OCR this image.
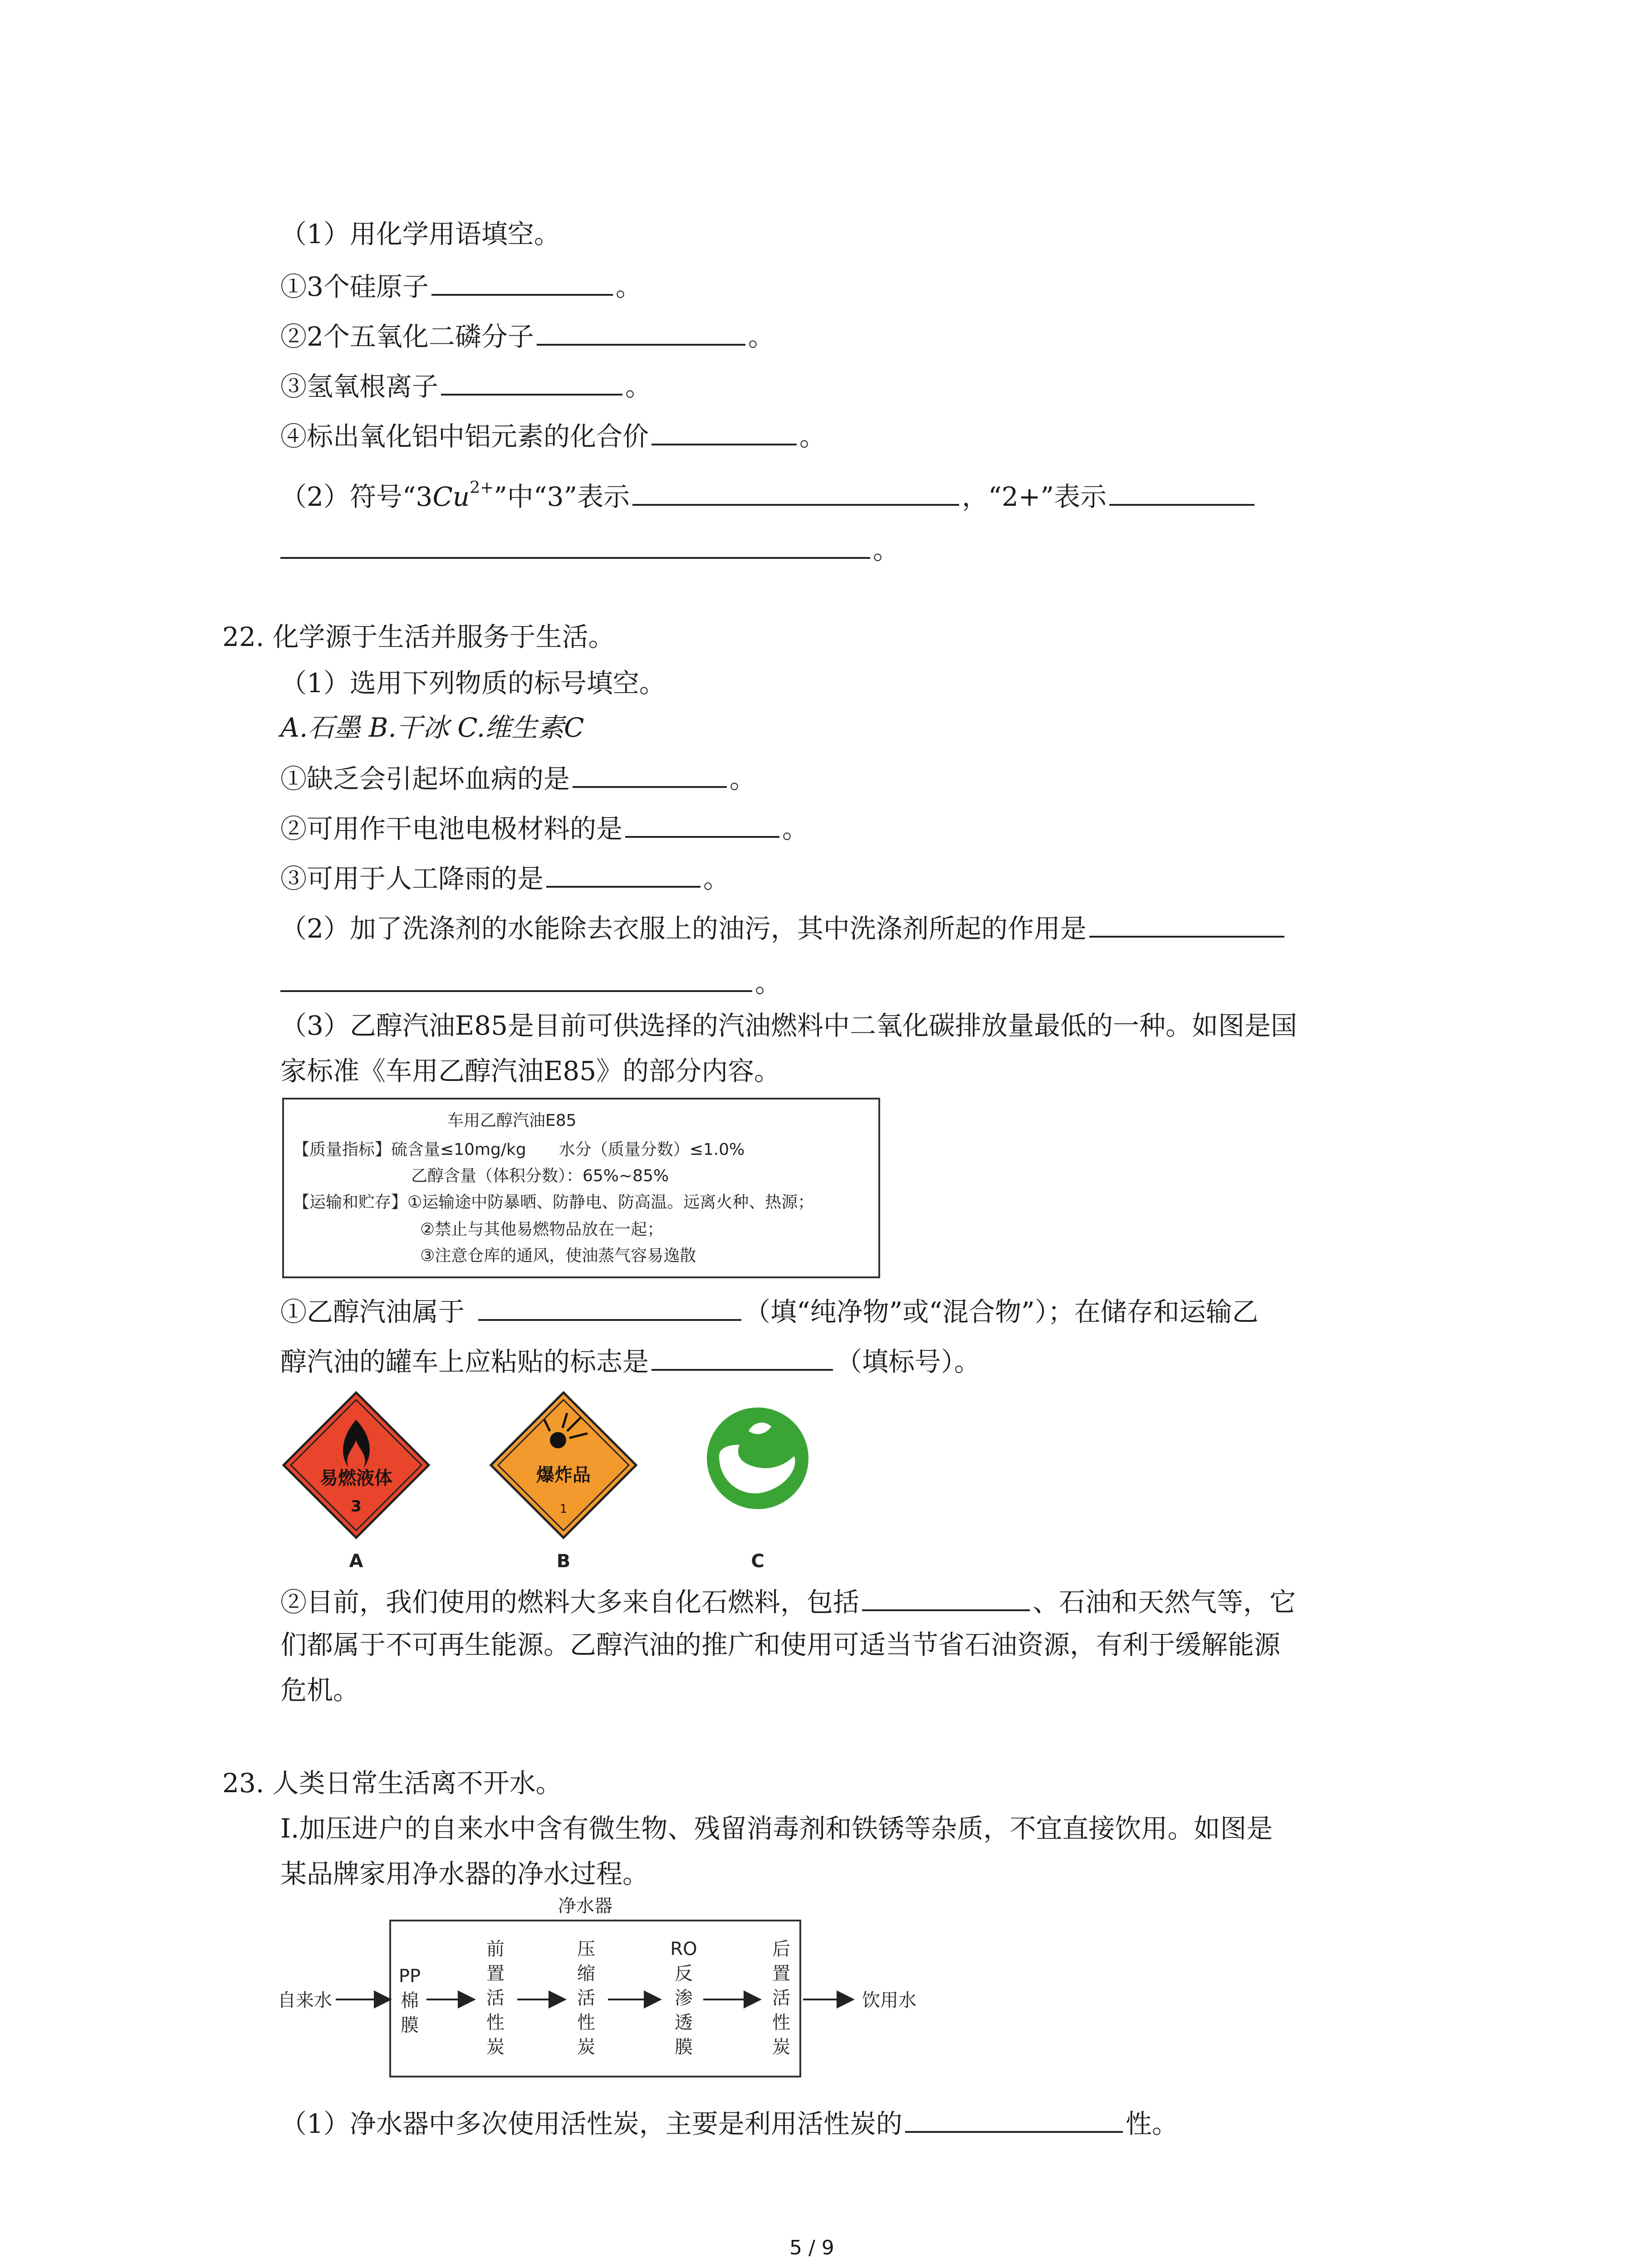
（1）用化学用语填空。
①3个硅原子	。
②2个五氧化二磷分子	。
③氢氧根离子	。
④标出氧化铝中铝元素的化合价	。
（2）符号“$3Cu^{2+}$”中“3”表示	，“2+”表示
。
22. 化学源于生活并服务于生活。
（1）选用下列物质的标号填空。
A.石墨 B.干冰 C.维生素C
①缺乏会引起坏血病的是	。
②可用作干电池电极材料的是	。
③可用于人工降雨的是	。
（2）加了洗涤剂的水能除去衣服上的油污，其中洗涤剂所起的作用是
。
（3）乙醇汽油E85是目前可供选择的汽油燃料中二氧化碳排放量最低的一种。如图是国
家标准《车用乙醇汽油E85》的部分内容。
车用乙醇汽油E85
【质量指标】硫含量≤10mg/kg　　水分（质量分数）≤1.0%
乙醇含量（体积分数）：65%~85%
【运输和贮存】①运输途中防暴晒、防静电、防高温。远离火种、热源；
②禁止与其他易燃物品放在一起；
③注意仓库的通风，使油蒸气容易逸散
①乙醇汽油属于	（填“纯净物”或“混合物”）；在储存和运输乙
醇汽油的罐车上应粘贴的标志是	（填标号）。
易燃液体
3
爆炸品
1
A	B	C
②目前，我们使用的燃料大多来自化石燃料，包括	、石油和天然气等，它
们都属于不可再生能源。乙醇汽油的推广和使用可适当节省石油资源，有利于缓解能源
危机。
23. 人类日常生活离不开水。
Ⅰ.加压进户的自来水中含有微生物、残留消毒剂和铁锈等杂质，不宜直接饮用。如图是
某品牌家用净水器的净水过程。
净水器
自来水	饮用水
PP棉膜
前置活性炭
压缩活性炭
RO反渗透膜
后置活性炭
（1）净水器中多次使用活性炭，主要是利用活性炭的	性。
5 / 9
